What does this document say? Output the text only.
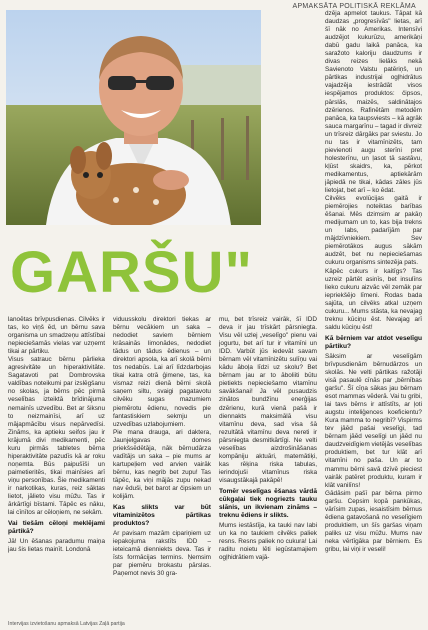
APMAKSĀTA POLITISKĀ REKLĀMA
GARŠU"

lanoētas brīvpusdienas. Cilvēks ir tas, ko viņš ēd, un bērnu sava organisma un smadzeņu attīstībai nepieciešamās vielas var uzņemt tikai ar pārtiku.

Visus satrauc bērnu pārlieka agresivitāte un hiperaktivitāte. Sagatavoti pat Dombrovska valdības noteikumi par izslēgšanu no skolas, ja bērns pēc pirmā veselības izteiktā brīdinājuma nemainīs uzvedību. Bet ar šiksnu to neizmainīsi, arī uz mājapmācību visus nepārvedīsi. Zināms, ka aptieku seifos jau ir krājumā divi medikamenti, pēc kuru pirmās tabletes bērna hiperaktivitāte pazudīs kā ar roku noņemta. Būs paipušīši un paimetieritēs, tikai mainīsies arī viņu personības. Šie medikamenti ir narkotikas, kuras, reiz sāktas lietot, jālieto visu mūžu. Tas ir ārkārtīgi bīstami. Tāpēc es nāku, lai cīnītos ar cēloņiem, ne sekām.

Vai tiešām cēloņi meklējami pārtikā?

Jā! Un ēšanas paradumu maiņa jau šis lietas mainīt. Londonā

viduusskolu direktori tiekas ar bērnu vecākiem un saka – nedodiet saviem bērniem krāsainās limonādes, nedodiet tādus un tādus ēdienus – un direktori apsola, ka arī skolā bērni tos nedabūs. Lai arī līdzdarbojas tikai katra otrā ģimene, tas, ka vismaz reizi dienā bērni skolā saņem siltu, svaigi pagatavotu cilvēku sugas mazumiem piemērotu ēdienu, novedis pie fantastiskiem sekmju un uzvedības uzlabojumiem.

Pie mana drauga, ari daktera, Jaunjelgavas domes priekšsēdētāja, nāk bērnudārza vadītājs un saka – pie mums ar kartupeļiem ved arvien vairāk bērnu, kas negrib bet zupu! Tas tāpēc, ka viņi mājās zupu nekad nav ēduši, bet barot ar čipsiem un kolijām.

Kas slikts var būt vitaminizētos pārtikas produktos?

Ar pavisam mazām cipariņiem uz iepakojuma rakstīts IDD – ieteicamā dienniekts deva. Tas ir īsts formācijas termins. Ņemsim par piemēru brokastu pārslas. Paņemot nevis 30 gra-

mu, bet trīsreiz vairāk, šī IDD deva ir jau trīskārt pārsniegta. Visu vēl uzlej „veselīgo" pienu vai jogurtu, bet arī tur ir vitamīni un IDD. Varbūt jūs iedevāt savam bērnam vēl vitamīnizētu sulīņu vai kādu āboļa līdzi uz skolu? Bet bērnam jau ar to āboliiti būtu pietiekts nepieciešamo vitamīnu savākšanai! Ja vēl pusaudzis zinātos bundžīnu enerģijas dzērienu, kurā vienā pašā ir diennakts maksimālā visu vitamīnu deva, sad visa šā rezultātā vitamīnu deva nereti ir pārsniegta desmitkārtīgi. Ne velti veselības aizdrošināšanas kompāniju aktuāri, matemātiķi, kas rēķina riska tabulas, ierindojuši vitamīnus riska visaugstākajā pakāpē!

Tomēr veselīgas ēšanas vārdā cūkgaļai tiek nogriezts tauku slānis, un ikvienam zināms – treknu ēdiens ir slikts.

Mums iestāstīja, ka tauki nav labi un ka no taukiem cilvēks paliek resns. Resns paliek no cukura! Lai raditu noietu lēti iegūstamajiem ogļhidrātiem vajā-

dzēja apmelot taukus. Tāpat kā daudzas „progresīvās" lietas, arī šī nāk no Amerikas. Intensīvi audzējot kukurūzu, amerikāņi dabū gadu laikā panāca, ka saražoto kaloriju daudzums ir divas reizes lielāks nekā Savienoto Valstu patēriņš, un pārtikas industrijai ogļhidrātus vajadzēja iestrādāt visos iespējamos produktos: čipsos, pārslās, maizēs, saldinātajos dzērienos. Rafinētām metodēm panāca, ka taupsviests – kā agrāk sauca margarīnu – tagad ir divreiz un trīsreiz dārgāks par sviestu. Jo nu tas ir vitamīnizēts, tam pievienoti augu sterīni pret holesterīnu, un ļasot tā sastāvu, kļūst skaidrs, ka, pērkot medikamentus, aptiekārām jāpiedā ne tikai, kādas zāles jūs lietojat, bet arī – ko ēdat.

Cilvēks evolūcijas gaitā ir piemērojies noteiktas barības ēšanai. Mēs dzimsim ar pakāņ medijumam un to, kas bija trekns un labs, padarījām par mājdzīvniekiem. Sev piemērotākos augus sākām audzēt, bet nu nepieciešamas cukuru organisms sintezēja pats.

Kāpēc cukurs ir kaitīgs? Tas uzreiz pārtēt asinīs, bet insulīns lieko cukuru aizvāc vēl zemāk par iepriekšējo līmeni. Rodas bada sajūta, un cilvēks atkal uzņem cukuru... Mums stāsta, ka nevajag treknu kūciņu ēst. Nevajag arī saldu kūciņu ēst!

Kā bērniem var atdot veselīgu pārtiku?

Sāksim ar veselīgām brīvpusdienām bērnudārzos un skolās. Ne velti pārtikas ražotāji visā pasaulē cīnās par „bērnības garšu". Šī cīņa sākas jau bērnam esot mammas vēderā. Vai tu gribi, lai tavs bērns ir attīstīts, ar ļoti augstu inteliģences koeficientu? Kura mamma to negribī? Vispirms tev jāēd pašai veselīgi, tad bērnam jāēd veselīgi un jāēd nu daudzveidīgiem vietējās veselības produktiem, bet tur klāt arī vitamīni no paša. Un ar to mammu bērni savā dzīvē pieciest vairāk patēret produktu, kuram ir klāt vanilīns!

Gādāsim pašī par bērna pirmo garšu. Cepsim kopā pankūkas, vārīsim zupas, iesaistīsim bērnus ēdiena gatavošanā no veselīgiem produktiem, un šīs garšas viņam paliks uz visu mūžu. Mums nav neka vērtīgāka par bērniem. Es gribu, lai viņi ir veseli!

Intervijas izvietošanu apmaksā Latvijas Zaļā partija
